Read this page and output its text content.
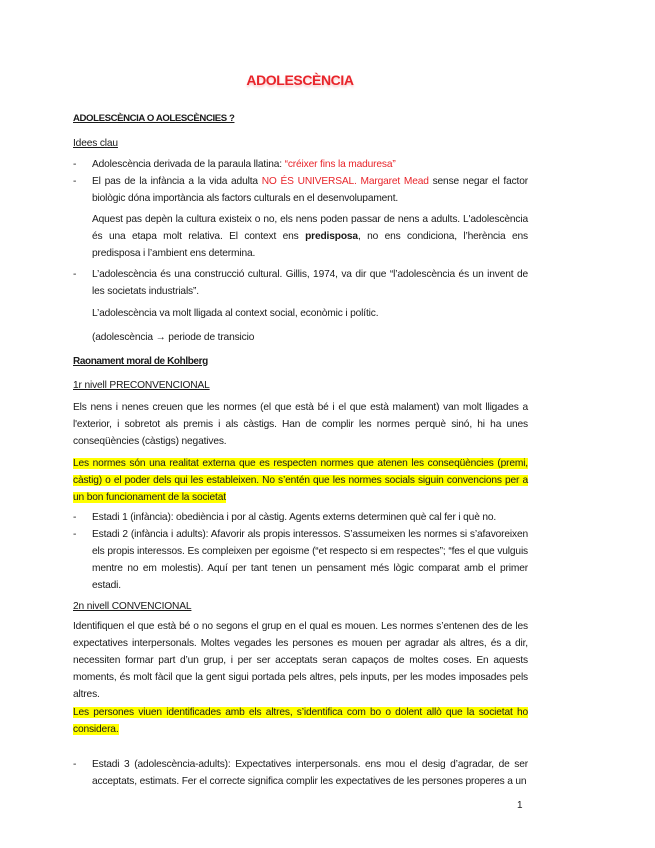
ADOLESCÈNCIA
ADOLESCÈNCIA O AOLESCÈNCIES ?
Idees clau
- Adolescència derivada de la paraula llatina: “créixer fins la maduresa”
- El pas de la infància a la vida adulta NO ÉS UNIVERSAL. Margaret Mead sense negar el factor biològic dóna importància als factors culturals en el desenvolupament.
Aquest pas depèn la cultura existeix o no, els nens poden passar de nens a adults. L'adolescència és una etapa molt relativa. El context ens predisposa, no ens condiciona, l’herència ens predisposa i l’ambient ens determina.
- L’adolescència és una construcció cultural. Gillis, 1974, va dir que “l’adolescència és un invent de les societats industrials”.
L’adolescència va molt lligada al context social, econòmic i polític.
(adolescència → periode de transicio
Raonament moral de Kohlberg
1r nivell PRECONVENCIONAL
Els nens i nenes creuen que les normes (el que està bé i el que està malament) van molt lligades a l'exterior, i sobretot als premis i als càstigs. Han de complir les normes perquè sinó, hi ha unes conseqüències (càstigs) negatives.
Les normes són una realitat externa que es respecten normes que atenen les conseqüències (premi, càstig) o el poder dels qui les estableixen. No s’entén que les normes socials siguin convencions per a un bon funcionament de la societat
- Estadi 1 (infància): obediència i por al càstig. Agents externs determinen què cal fer i què no.
- Estadi 2 (infància i adults): Afavorir als propis interessos. S’assumeixen les normes si s’afavoreixen els propis interessos. Es compleixen per egoisme (“et respecto si em respectes”; “fes el que vulguis mentre no em molestis). Aquí per tant tenen un pensament més lògic comparat amb el primer estadi.
2n nivell CONVENCIONAL
Identifiquen el que està bé o no segons el grup en el qual es mouen. Les normes s’entenen des de les expectatives interpersonals. Moltes vegades les persones es mouen per agradar als altres, és a dir, necessiten formar part d’un grup, i per ser acceptats seran capaços de moltes coses. En aquests moments, és molt fàcil que la gent sigui portada pels altres, pels inputs, per les modes imposades pels altres.
Les persones viuen identificades amb els altres, s’identifica com bo o dolent allò que la societat ho considera.
- Estadi 3 (adolescència-adults): Expectatives interpersonals. ens mou el desig d’agradar, de ser acceptats, estimats. Fer el correcte significa complir les expectatives de les persones properes a un
1
